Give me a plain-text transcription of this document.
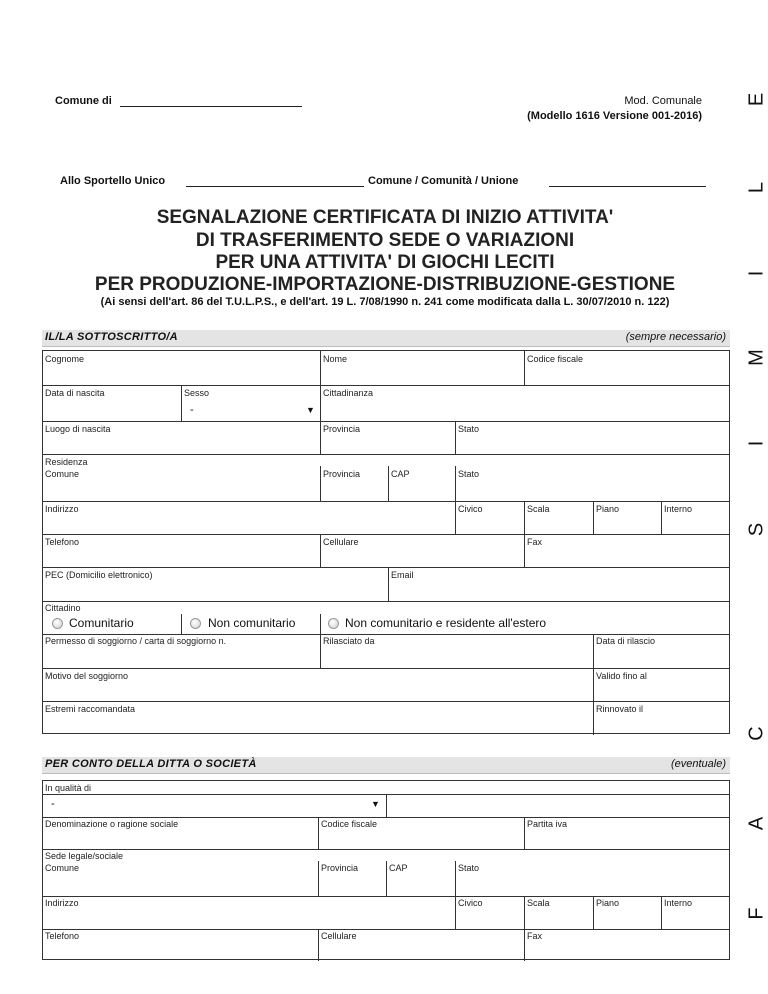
Comune di	Mod. Comunale
(Modello 1616 Versione 001-2016)
Allo Sportello Unico	Comune / Comunità / Unione
SEGNALAZIONE CERTIFICATA DI INIZIO ATTIVITA'
DI TRASFERIMENTO SEDE O VARIAZIONI
PER UNA ATTIVITA' DI GIOCHI LECITI
PER PRODUZIONE-IMPORTAZIONE-DISTRIBUZIONE-GESTIONE
(Ai sensi dell'art. 86 del T.U.L.P.S., e dell'art. 19 L. 7/08/1990 n. 241 come modificata dalla L. 30/07/2010 n. 122)
E
L
I
M
I
S
C
A
F
IL/LA SOTTOSCRITTO/A	(sempre necessario)
Cognome	Nome	Codice fiscale
Data di nascita	Sesso	Cittadinanza
-	▼
Luogo di nascita	Provincia	Stato
Residenza
Comune	Provincia	CAP	Stato
Indirizzo	Civico	Scala	Piano	Interno
Telefono	Cellulare	Fax
PEC (Domicilio elettronico)	Email
Cittadino
Comunitario	Non comunitario	Non comunitario e residente all'estero
Permesso di soggiorno / carta di soggiorno n.	Rilasciato da	Data di rilascio
Motivo del soggiorno	Valido fino al
Estremi raccomandata	Rinnovato il
PER CONTO DELLA DITTA O SOCIETÀ	(eventuale)
In qualità di
-	▼
Denominazione o ragione sociale	Codice fiscale	Partita iva
Sede legale/sociale
Comune	Provincia	CAP	Stato
Indirizzo	Civico	Scala	Piano	Interno
Telefono	Cellulare	Fax
